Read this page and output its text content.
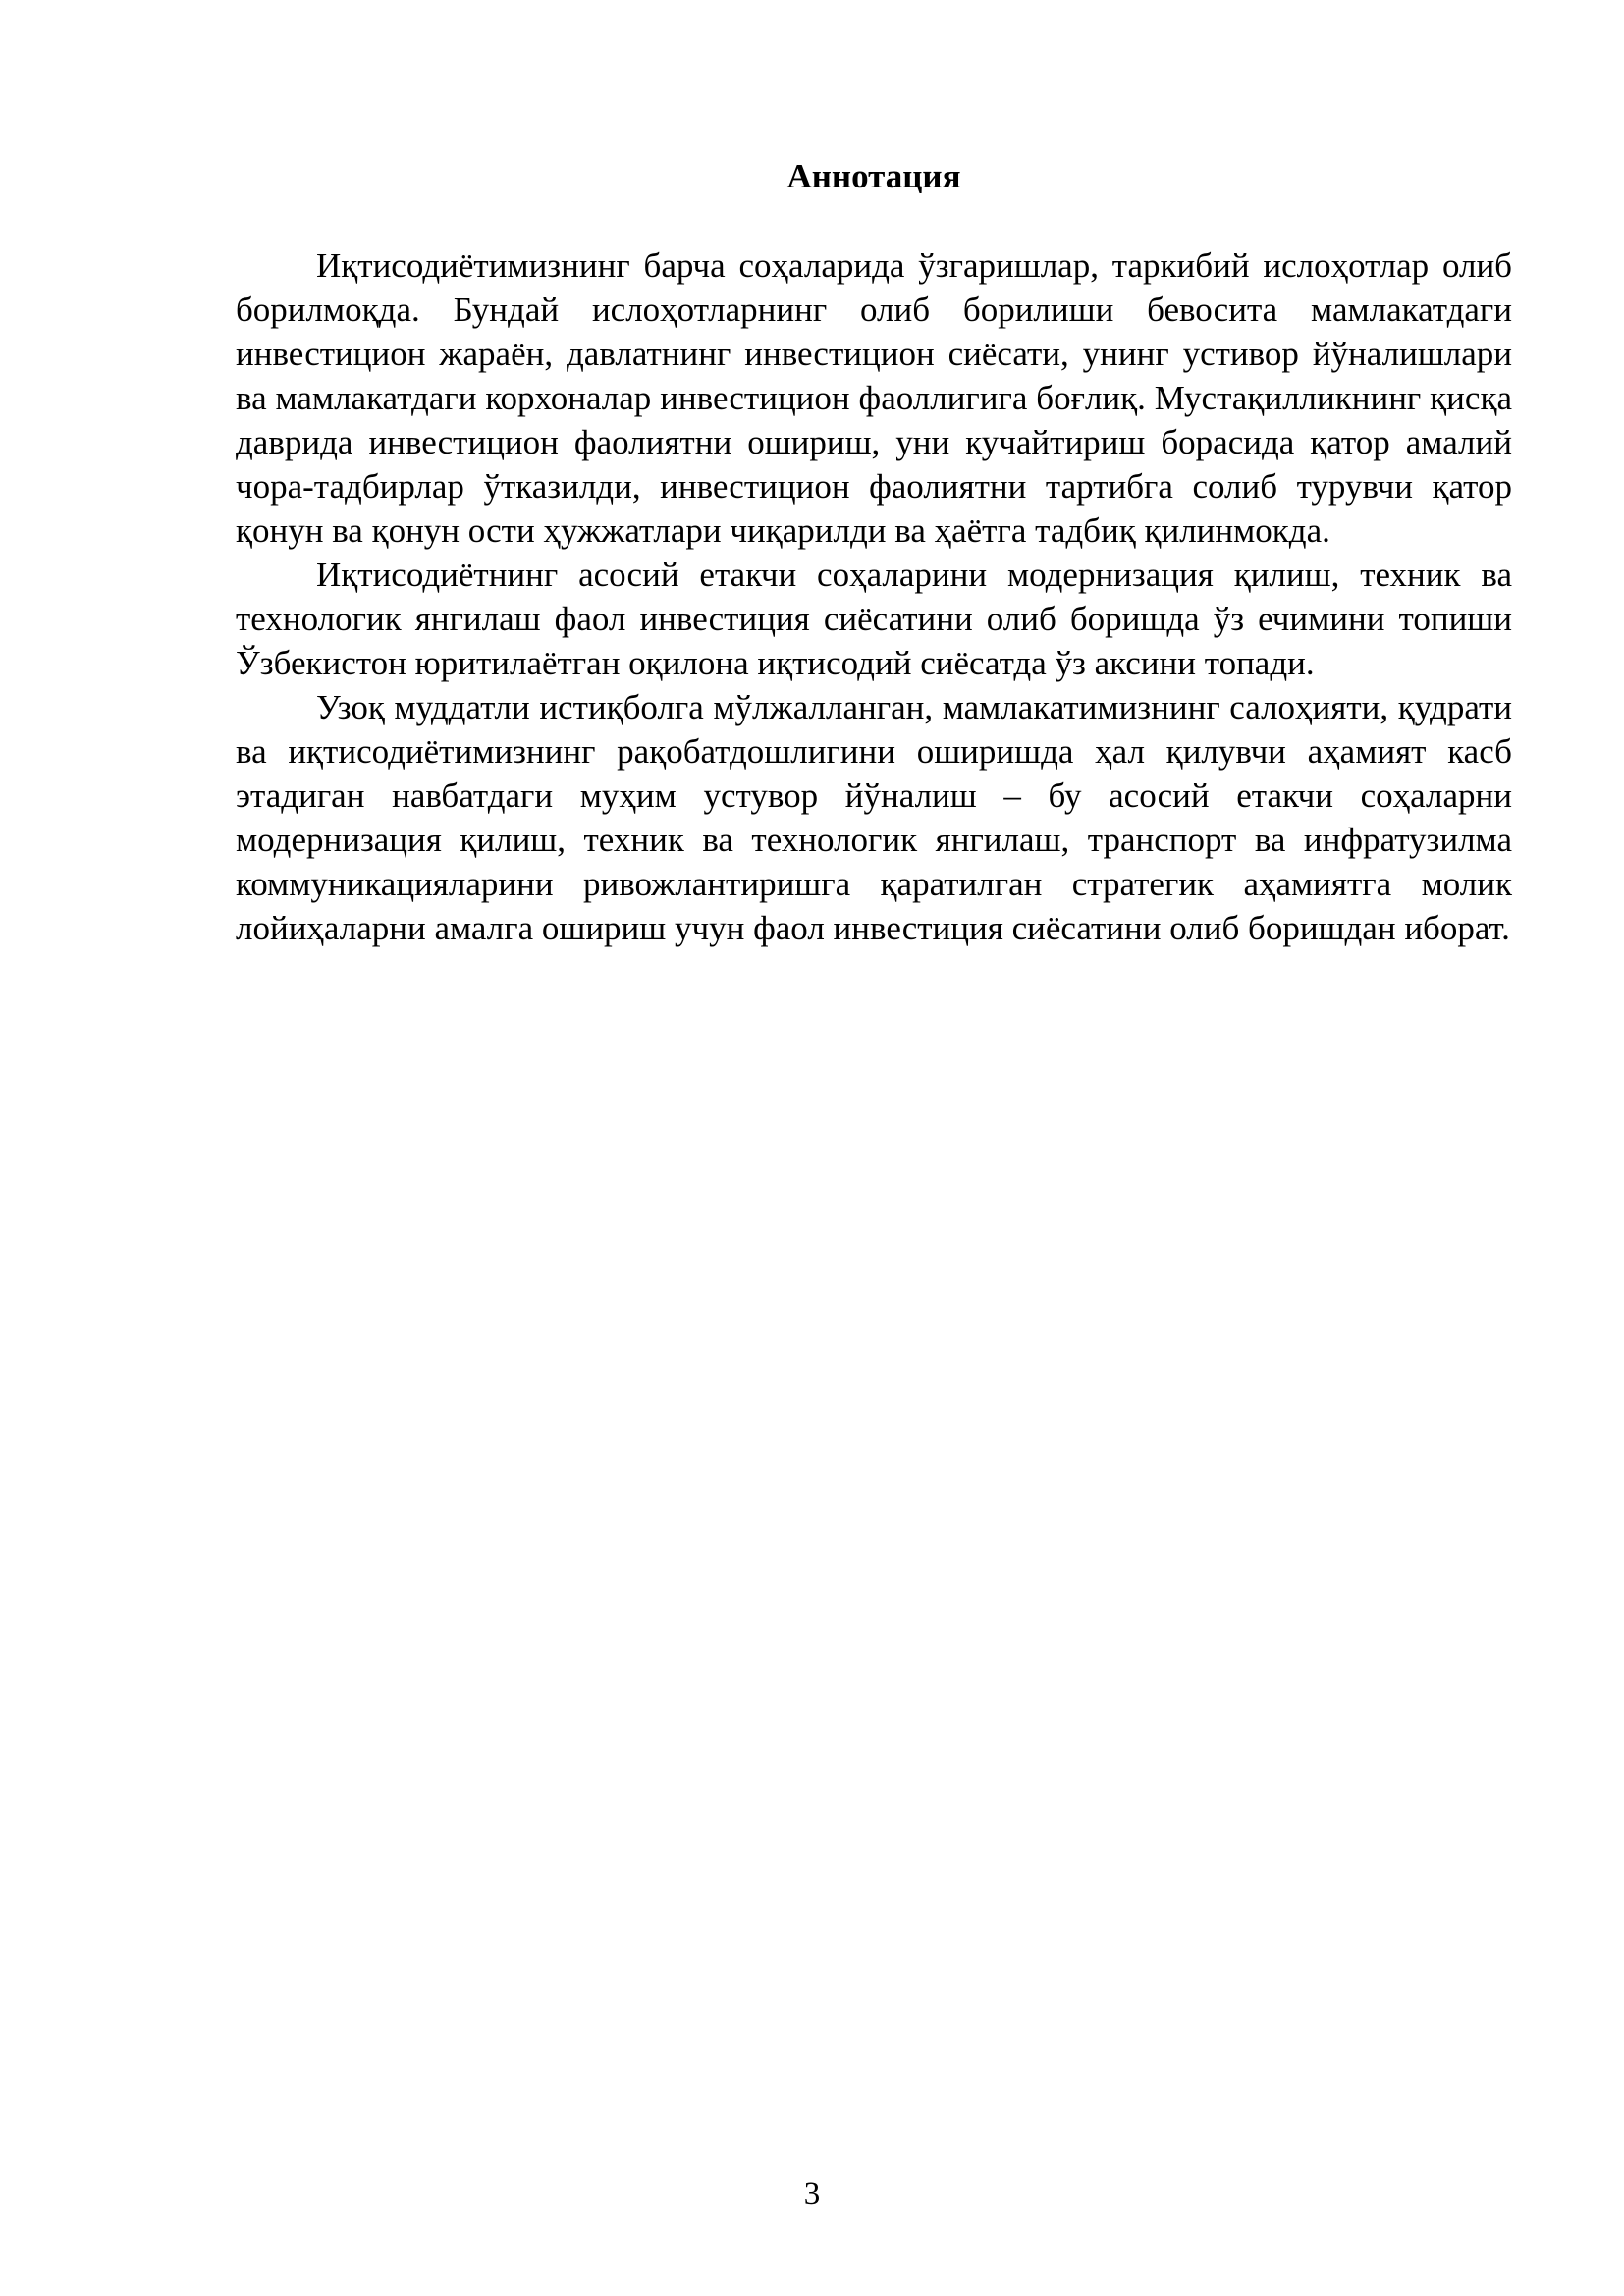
Аннотация

Иқтисодиётимизнинг барча соҳаларида ўзгаришлар, таркибий ислоҳотлар олиб борилмоқда. Бундай ислоҳотларнинг олиб борилиши бевосита мамлакатдаги инвестицион жараён, давлатнинг инвестицион сиёсати, унинг устивор йўналишлари ва мамлакатдаги корхоналар инвестицион фаоллигига боғлиқ. Мустақилликнинг қисқа даврида инвестицион фаолиятни ошириш, уни кучайтириш борасида қатор амалий чора-тадбирлар ўтказилди, инвестицион фаолиятни тартибга солиб турувчи қатор қонун ва қонун ости ҳужжатлари чиқарилди ва ҳаётга тадбиқ қилинмокда.

Иқтисодиётнинг асосий етакчи соҳаларини модернизация қилиш, техник ва технологик янгилаш фаол инвестиция сиёсатини олиб боришда ўз ечимини топиши Ўзбекистон юритилаётган оқилона иқтисодий сиёсатда ўз аксини топади.

Узоқ муддатли истиқболга мўлжалланган, мамлакатимизнинг салоҳияти, қудрати ва иқтисодиётимизнинг рақобатдошлигини оширишда ҳал қилувчи аҳамият касб этадиган навбатдаги муҳим устувор йўналиш – бу асосий етакчи соҳаларни модернизация қилиш, техник ва технологик янгилаш, транспорт ва инфратузилма коммуникацияларини ривожлантиришга қаратилган стратегик аҳамиятга молик лойиҳаларни амалга ошириш учун фаол инвестиция сиёсатини олиб боришдан иборат.

3
